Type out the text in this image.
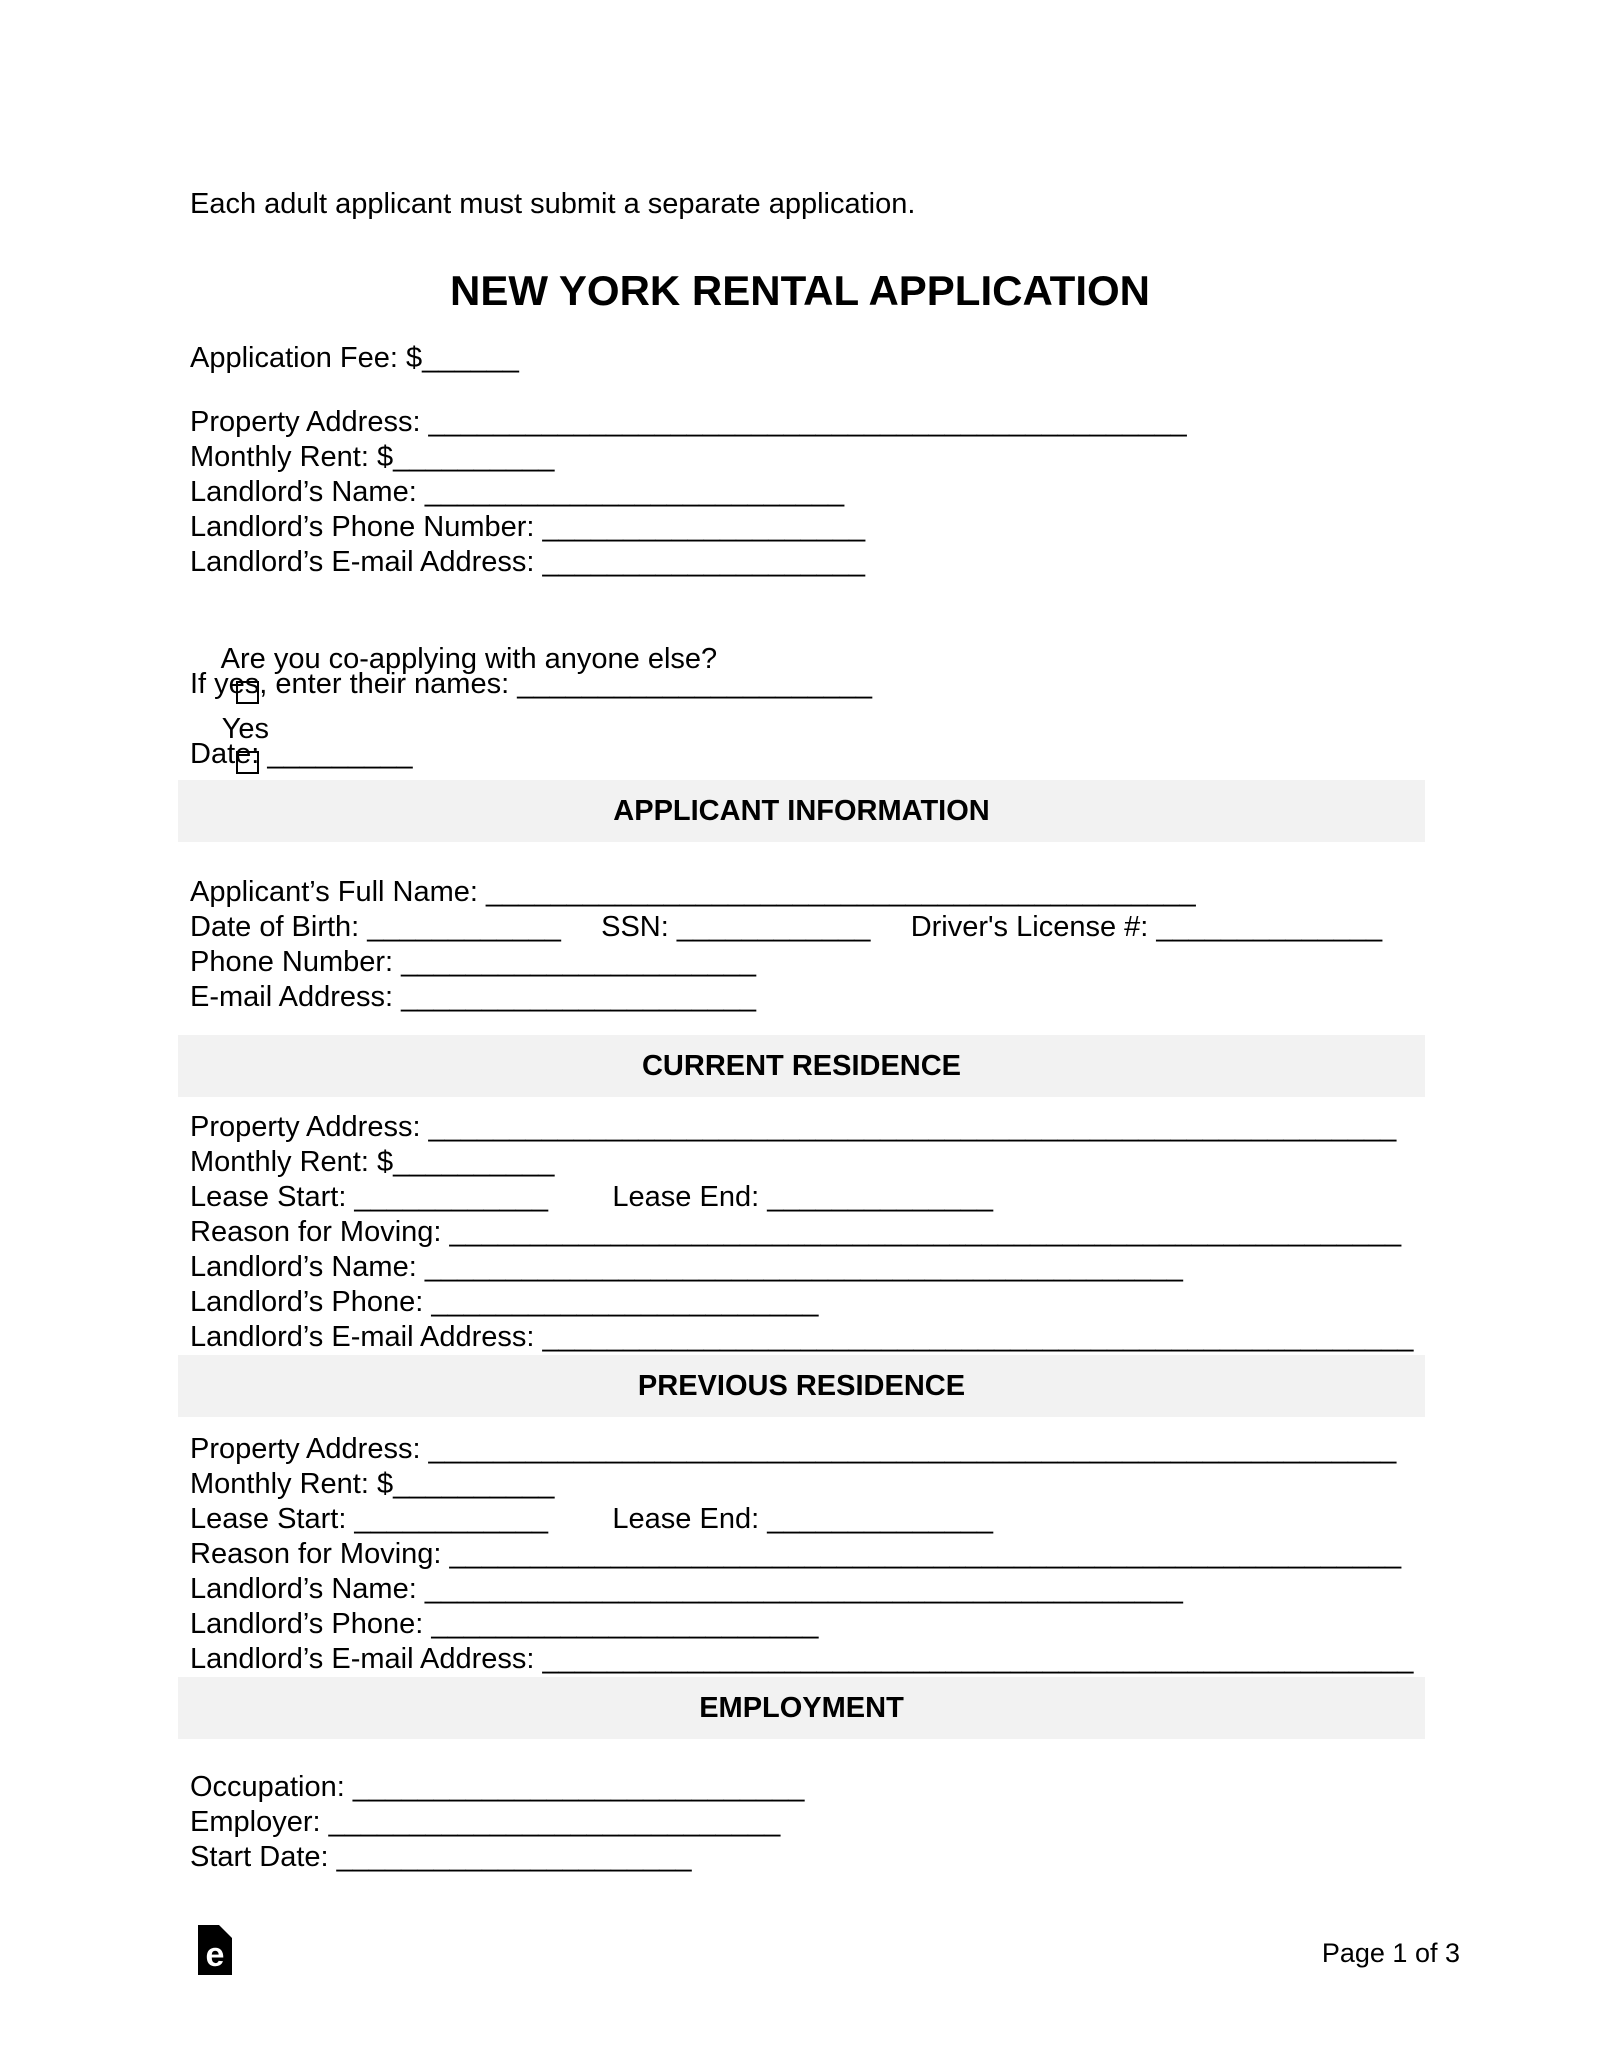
Each adult applicant must submit a separate application.
NEW YORK RENTAL APPLICATION
Application Fee: $______
Property Address: _______________________________________________
Monthly Rent: $__________
Landlord’s Name: __________________________
Landlord’s Phone Number: ____________________
Landlord’s E-mail Address: ____________________

Are you co-applying with anyone else?

Yes

If yes, enter their names: ______________________
Date: _________
APPLICANT INFORMATION
Applicant’s Full Name: ____________________________________________
Date of Birth: ____________     SSN: ____________     Driver's License #: ______________
Phone Number: ______________________
E-mail Address: ______________________
CURRENT RESIDENCE
Property Address: ____________________________________________________________
Monthly Rent: $__________
Lease Start: ____________        Lease End: ______________
Reason for Moving: ___________________________________________________________
Landlord’s Name: _______________________________________________
Landlord’s Phone: ________________________
Landlord’s E-mail Address: ______________________________________________________
PREVIOUS RESIDENCE
Property Address: ____________________________________________________________
Monthly Rent: $__________
Lease Start: ____________        Lease End: ______________
Reason for Moving: ___________________________________________________________
Landlord’s Name: _______________________________________________
Landlord’s Phone: ________________________
Landlord’s E-mail Address: ______________________________________________________
EMPLOYMENT
Occupation: ____________________________
Employer: ____________________________
Start Date: ______________________
e	Page 1 of 3
